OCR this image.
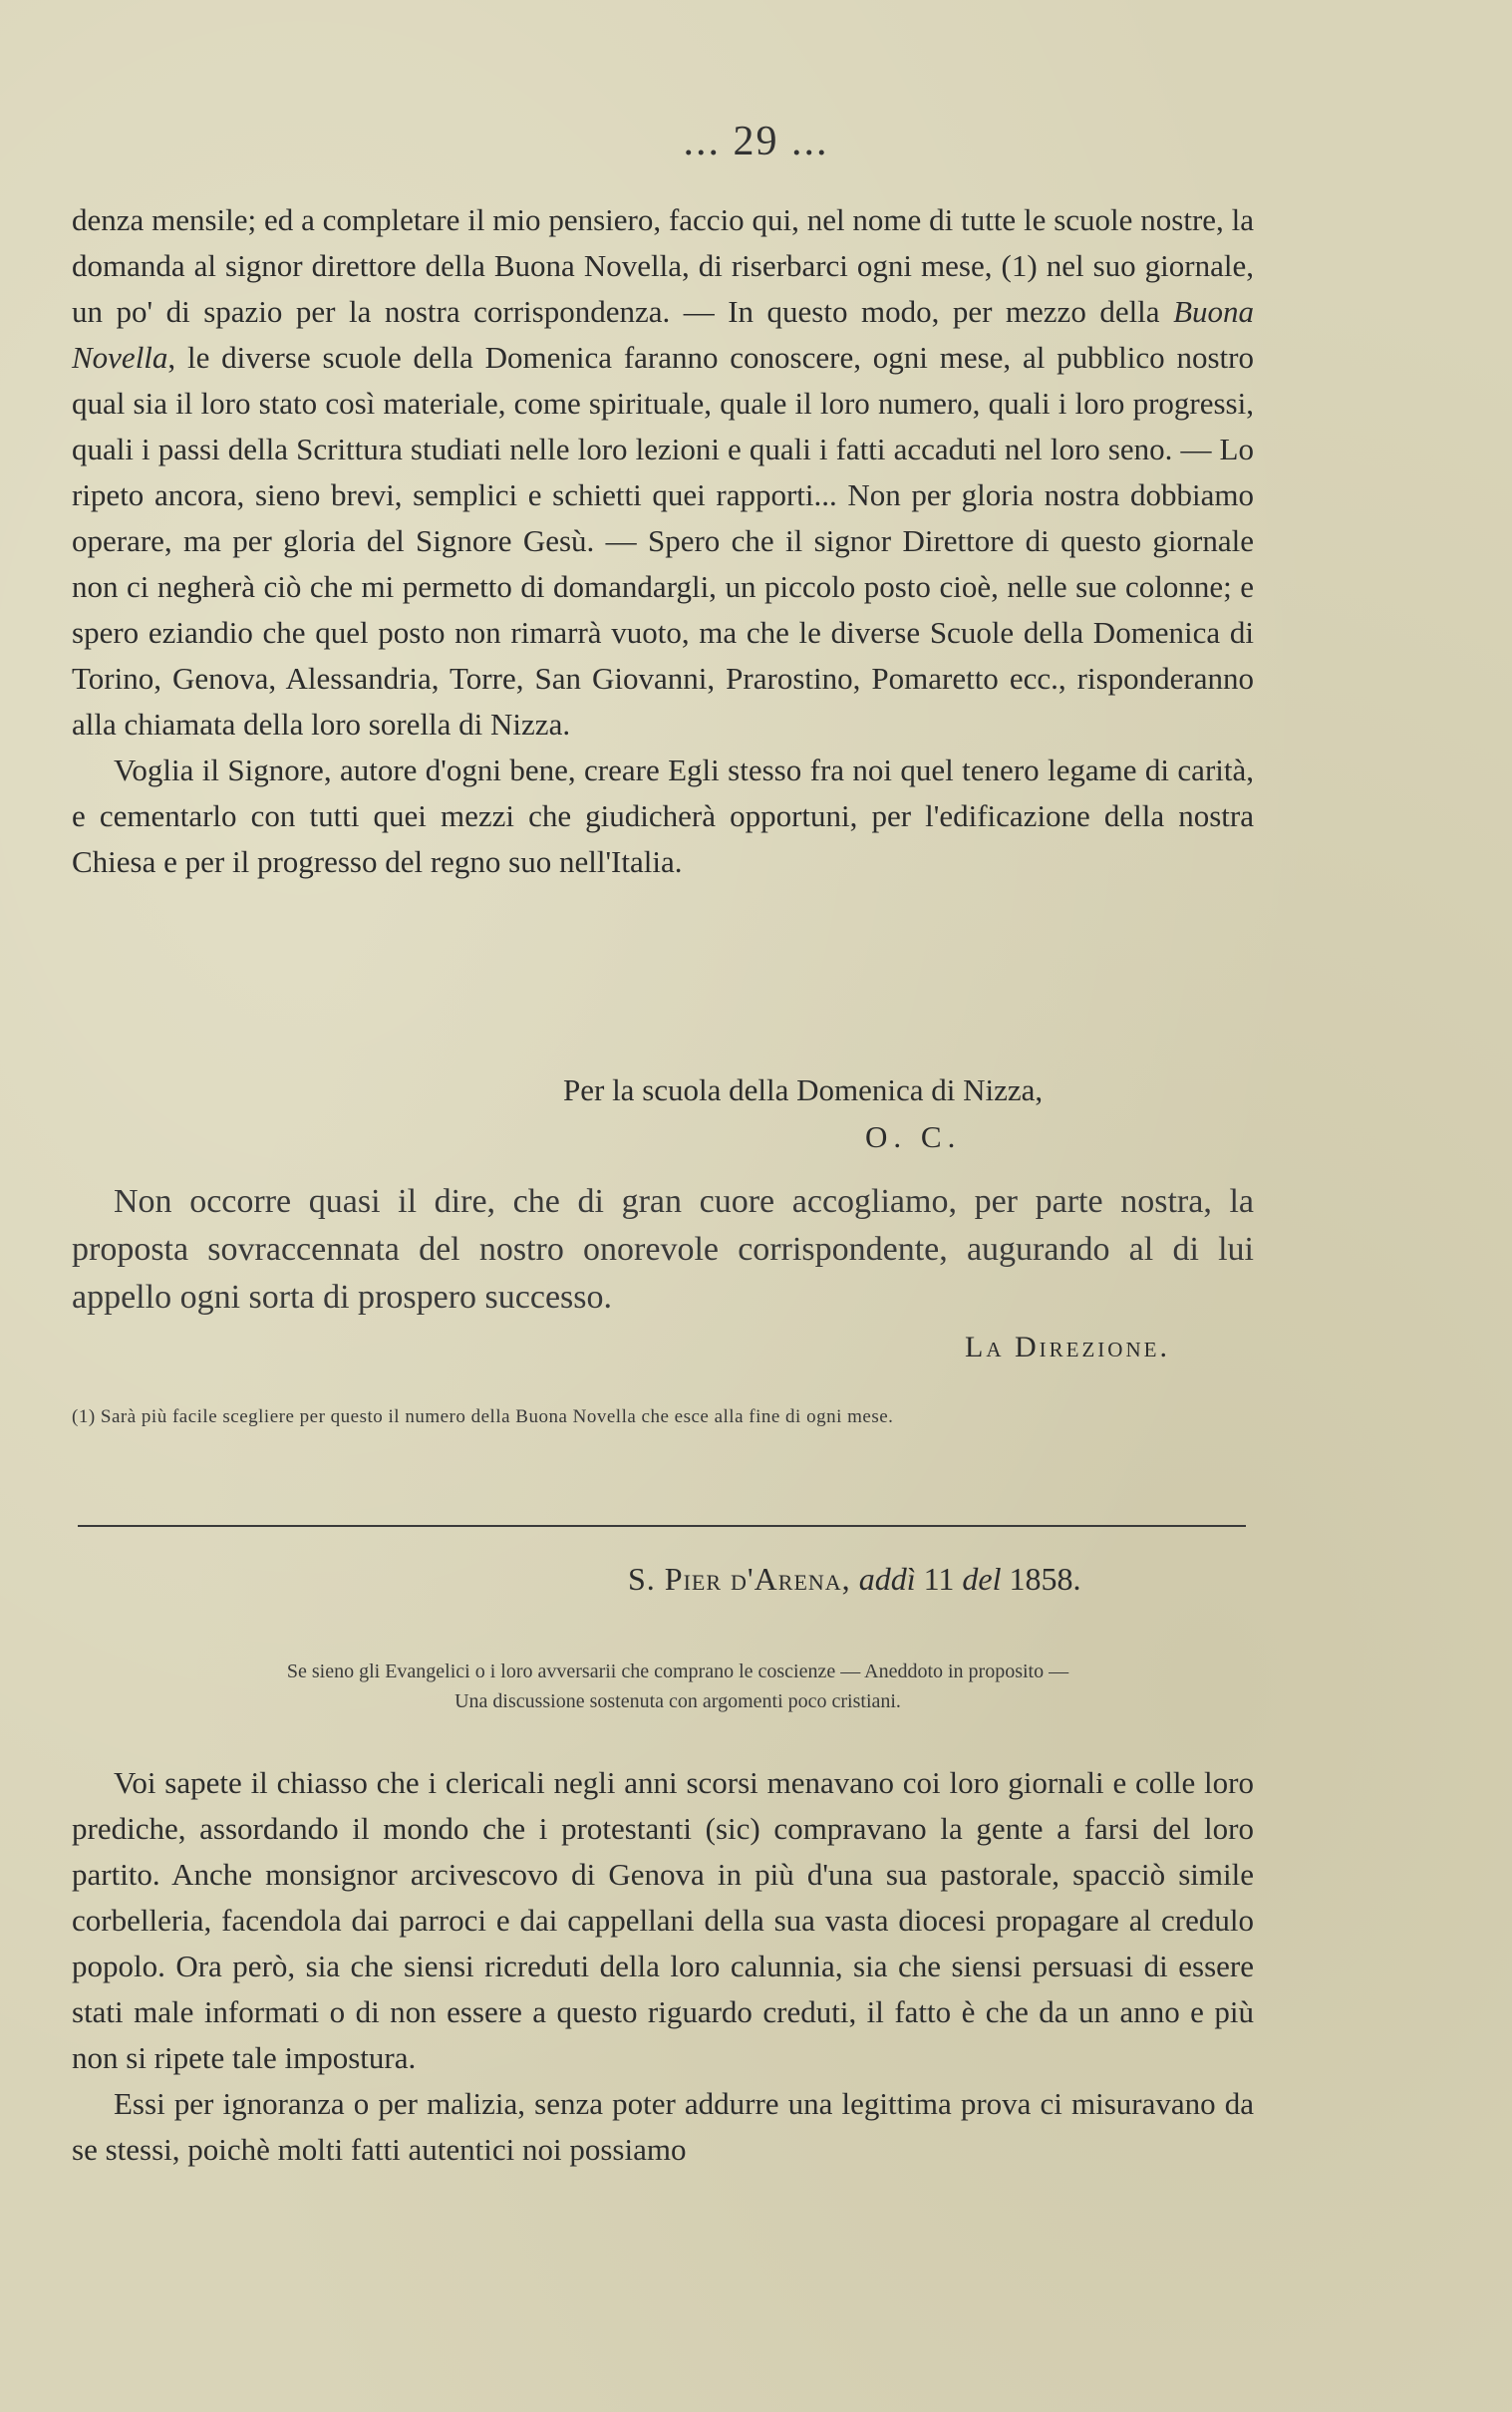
... 29 ...

denza mensile; ed a completare il mio pensiero, faccio qui, nel nome di tutte le scuole nostre, la domanda al signor direttore della Buona Novella, di riserbarci ogni mese, (1) nel suo giornale, un po' di spazio per la nostra corrispondenza. — In questo modo, per mezzo della Buona Novella, le diverse scuole della Domenica faranno conoscere, ogni mese, al pubblico nostro qual sia il loro stato così materiale, come spirituale, quale il loro numero, quali i loro progressi, quali i passi della Scrittura studiati nelle loro lezioni e quali i fatti accaduti nel loro seno. — Lo ripeto ancora, sieno brevi, semplici e schietti quei rapporti... Non per gloria nostra dobbiamo operare, ma per gloria del Signore Gesù. — Spero che il signor Direttore di questo giornale non ci negherà ciò che mi permetto di domandargli, un piccolo posto cioè, nelle sue colonne; e spero eziandio che quel posto non rimarrà vuoto, ma che le diverse Scuole della Domenica di Torino, Genova, Alessandria, Torre, San Giovanni, Prarostino, Pomaretto ecc., risponderanno alla chiamata della loro sorella di Nizza.

Voglia il Signore, autore d'ogni bene, creare Egli stesso fra noi quel tenero legame di carità, e cementarlo con tutti quei mezzi che giudicherà opportuni, per l'edificazione della nostra Chiesa e per il progresso del regno suo nell'Italia.

Per la scuola della Domenica di Nizza,
O. C.

Non occorre quasi il dire, che di gran cuore accogliamo, per parte nostra, la proposta sovraccennata del nostro onorevole corrispondente, augurando al di lui appello ogni sorta di prospero successo.

La Direzione.
(1) Sarà più facile scegliere per questo il numero della Buona Novella che esce alla fine di ogni mese.
S. Pier d'Arena, addì 11 del 1858.
Se sieno gli Evangelici o i loro avversarii che comprano le coscienze — Aneddoto in proposito —
Una discussione sostenuta con argomenti poco cristiani.

Voi sapete il chiasso che i clericali negli anni scorsi menavano coi loro giornali e colle loro prediche, assordando il mondo che i protestanti (sic) compravano la gente a farsi del loro partito. Anche monsignor arcivescovo di Genova in più d'una sua pastorale, spacciò simile corbelleria, facendola dai parroci e dai cappellani della sua vasta diocesi propagare al credulo popolo. Ora però, sia che siensi ricreduti della loro calunnia, sia che siensi persuasi di essere stati male informati o di non essere a questo riguardo creduti, il fatto è che da un anno e più non si ripete tale impostura.

Essi per ignoranza o per malizia, senza poter addurre una legittima prova ci misuravano da se stessi, poichè molti fatti autentici noi possiamo
